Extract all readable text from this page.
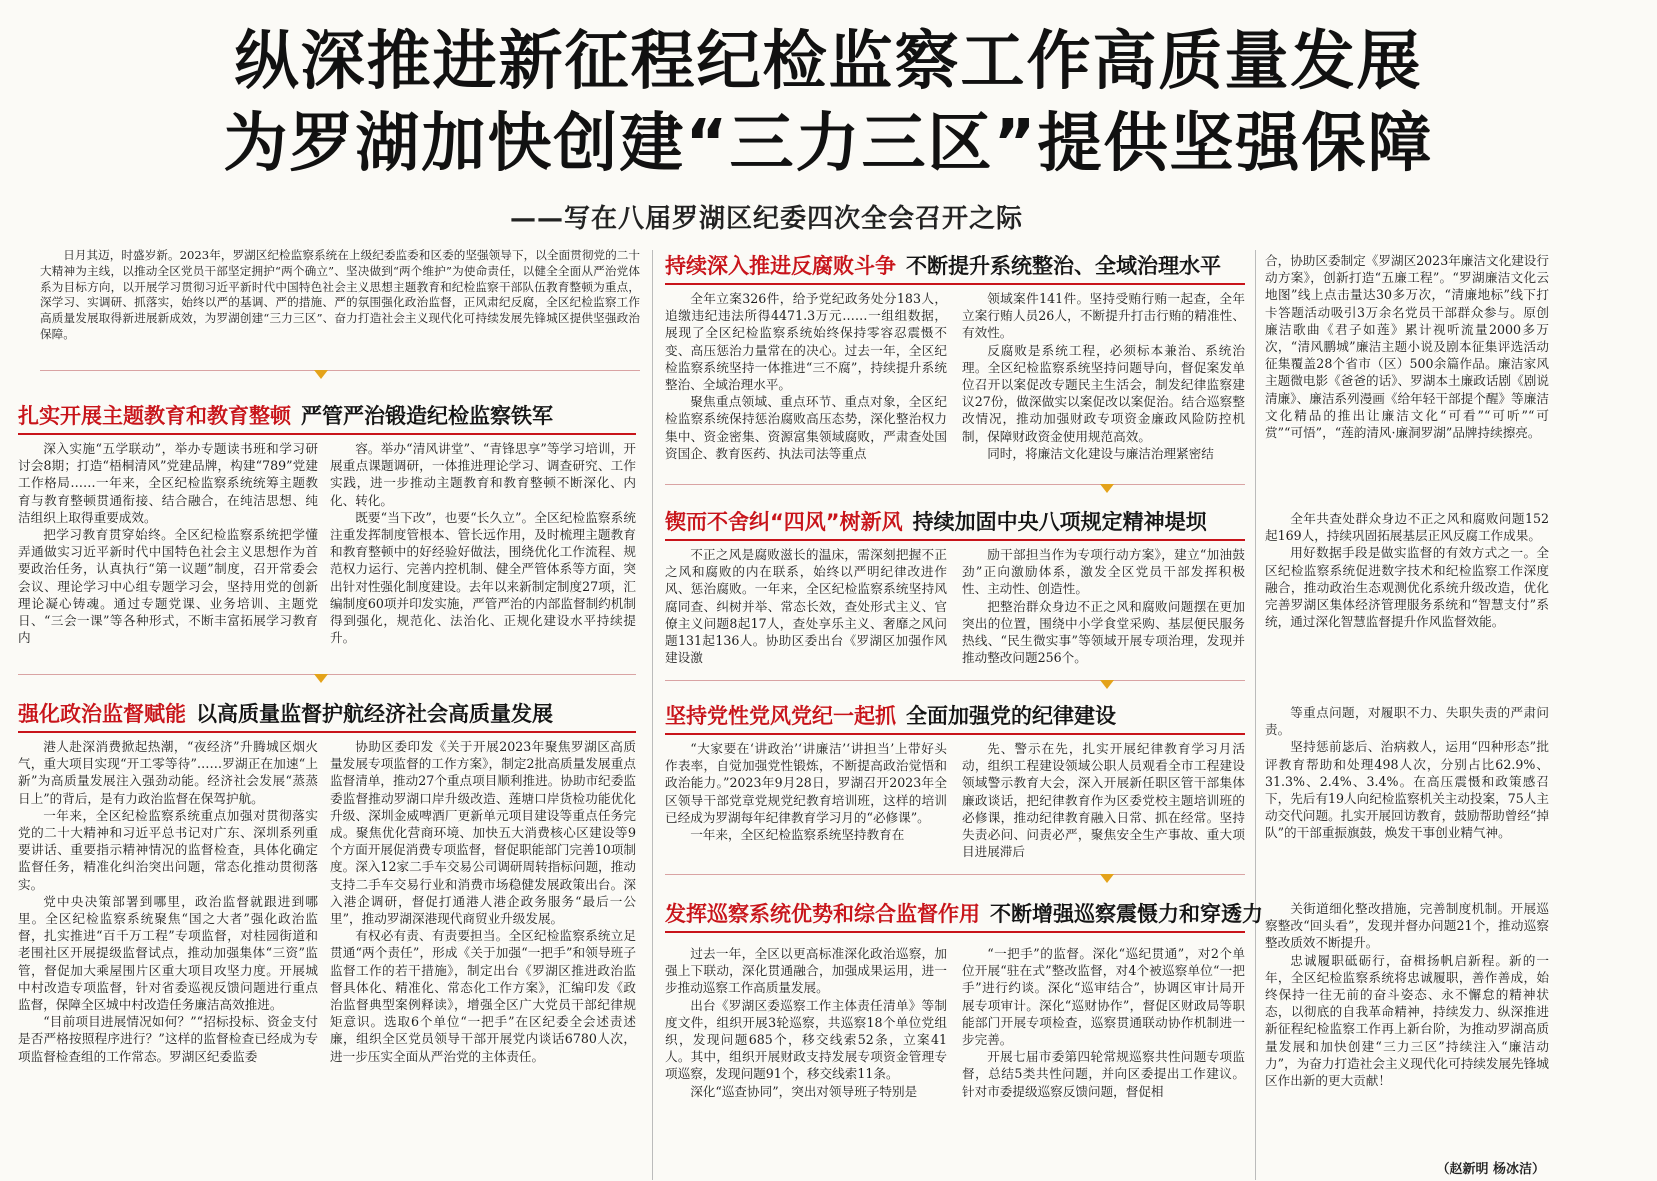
纵深推进新征程纪检监察工作高质量发展
为罗湖加快创建“三力三区”提供坚强保障
——写在八届罗湖区纪委四次全会召开之际

日月其迈，时盛岁新。2023年，罗湖区纪检监察系统在上级纪委监委和区委的坚强领导下，以全面贯彻党的二十大精神为主线，以推动全区党员干部坚定拥护“两个确立”、坚决做到“两个维护”为使命责任，以健全全面从严治党体系为目标方向，以开展学习贯彻习近平新时代中国特色社会主义思想主题教育和纪检监察干部队伍教育整顿为重点，深学习、实调研、抓落实，始终以严的基调、严的措施、严的氛围强化政治监督，正风肃纪反腐，全区纪检监察工作高质量发展取得新进展新成效，为罗湖创建“三力三区”、奋力打造社会主义现代化可持续发展先锋城区提供坚强政治保障。

扎实开展主题教育和教育整顿 严管严治锻造纪检监察铁军

深入实施“五学联动”，举办专题读书班和学习研讨会8期；打造“梧桐清风”党建品牌，构建“789”党建工作格局……一年来，全区纪检监察系统统筹主题教育与教育整顿贯通衔接、结合融合，在纯洁思想、纯洁组织上取得重要成效。
把学习教育贯穿始终。全区纪检监察系统把学懂弄通做实习近平新时代中国特色社会主义思想作为首要政治任务，认真执行“第一议题”制度，召开常委会会议、理论学习中心组专题学习会，坚持用党的创新理论凝心铸魂。通过专题党课、业务培训、主题党日、“三会一课”等各种形式，不断丰富拓展学习教育内

容。举办“清风讲堂”、“青锋思享”等学习培训，开展重点课题调研，一体推进理论学习、调查研究、工作实践，进一步推动主题教育和教育整顿不断深化、内化、转化。
既要“当下改”，也要“长久立”。全区纪检监察系统注重发挥制度管根本、管长远作用，及时梳理主题教育和教育整顿中的好经验好做法，围绕优化工作流程、规范权力运行、完善内控机制、健全严管体系等方面，突出针对性强化制度建设。去年以来新制定制度27项，汇编制度60项并印发实施，严管严治的内部监督制约机制得到强化，规范化、法治化、正规化建设水平持续提升。

强化政治监督赋能 以高质量监督护航经济社会高质量发展

港人赴深消费掀起热潮，“夜经济”升腾城区烟火气，重大项目实现“开工零等待”……罗湖正在加速“上新”为高质量发展注入强劲动能。经济社会发展“蒸蒸日上”的背后，是有力政治监督在保驾护航。
一年来，全区纪检监察系统重点加强对贯彻落实党的二十大精神和习近平总书记对广东、深圳系列重要讲话、重要指示精神情况的监督检查，具体化确定监督任务，精准化纠治突出问题，常态化推动贯彻落实。
党中央决策部署到哪里，政治监督就跟进到哪里。全区纪检监察系统聚焦“国之大者”强化政治监督，扎实推进“百千万工程”专项监督，对桂园街道和老围社区开展提级监督试点，推动加强集体“三资”监管，督促加大乘屋围片区重大项目攻坚力度。开展城中村改造专项监督，针对省委巡视反馈问题进行重点监督，保障全区城中村改造任务廉洁高效推进。
“目前项目进展情况如何？”“招标投标、资金支付是否严格按照程序进行？”这样的监督检查已经成为专项监督检查组的工作常态。罗湖区纪委监委

协助区委印发《关于开展2023年聚焦罗湖区高质量发展专项监督的工作方案》，制定2批高质量发展重点监督清单，推动27个重点项目顺利推进。协助市纪委监委监督推动罗湖口岸升级改造、莲塘口岸货检功能优化升级、深圳金威啤酒厂更新单元项目建设等重点任务完成。聚焦优化营商环境、加快五大消费核心区建设等9个方面开展促消费专项监督，督促职能部门完善10项制度。深入12家二手车交易公司调研周转指标问题，推动支持二手车交易行业和消费市场稳健发展政策出台。深入港企调研，督促打通港人港企政务服务“最后一公里”，推动罗湖深港现代商贸业升级发展。
有权必有责、有责要担当。全区纪检监察系统立足贯通“两个责任”，形成《关于加强“一把手”和领导班子监督工作的若干措施》，制定出台《罗湖区推进政治监督具体化、精准化、常态化工作方案》，汇编印发《政治监督典型案例释读》，增强全区广大党员干部纪律规矩意识。选取6个单位“一把手”在区纪委全会述责述廉，组织全区党员领导干部开展党内谈话6780人次，进一步压实全面从严治党的主体责任。

持续深入推进反腐败斗争 不断提升系统整治、全域治理水平

全年立案326件，给予党纪政务处分183人，追缴违纪违法所得4471.3万元……一组组数据，展现了全区纪检监察系统始终保持零容忍震慑不变、高压惩治力量常在的决心。过去一年，全区纪检监察系统坚持一体推进“三不腐”，持续提升系统整治、全域治理水平。
聚焦重点领域、重点环节、重点对象，全区纪检监察系统保持惩治腐败高压态势，深化整治权力集中、资金密集、资源富集领域腐败，严肃查处国资国企、教育医药、执法司法等重点

领域案件141件。坚持受贿行贿一起查，全年立案行贿人员26人，不断提升打击行贿的精准性、有效性。
反腐败是系统工程，必须标本兼治、系统治理。全区纪检监察系统坚持问题导向，督促案发单位召开以案促改专题民主生活会，制发纪律监察建议27份，做深做实以案促改以案促治。结合巡察整改情况，推动加强财政专项资金廉政风险防控机制，保障财政资金使用规范高效。
同时，将廉洁文化建设与廉洁治理紧密结

锲而不舍纠“四风”树新风 持续加固中央八项规定精神堤坝

不正之风是腐败滋长的温床，需深刻把握不正之风和腐败的内在联系，始终以严明纪律改进作风、惩治腐败。一年来，全区纪检监察系统坚持风腐同查、纠树并举、常态长效，查处形式主义、官僚主义问题8起17人，查处享乐主义、奢靡之风问题131起136人。协助区委出台《罗湖区加强作风建设激

励干部担当作为专项行动方案》，建立“加油鼓劲”正向激励体系，激发全区党员干部发挥积极性、主动性、创造性。
把整治群众身边不正之风和腐败问题摆在更加突出的位置，围绕中小学食堂采购、基层便民服务热线、“民生微实事”等领域开展专项治理，发现并推动整改问题256个。

坚持党性党风党纪一起抓 全面加强党的纪律建设

“大家要在‘讲政治’‘讲廉洁’‘讲担当’上带好头作表率，自觉加强党性锻炼，不断提高政治觉悟和政治能力。”2023年9月28日，罗湖召开2023年全区领导干部党章党规党纪教育培训班，这样的培训已经成为罗湖每年纪律教育学习月的“必修课”。
一年来，全区纪检监察系统坚持教育在

先、警示在先，扎实开展纪律教育学习月活动，组织工程建设领域公职人员观看全市工程建设领域警示教育大会，深入开展新任职区管干部集体廉政谈话，把纪律教育作为区委党校主题培训班的必修课，推动纪律教育融入日常、抓在经常。坚持失责必问、问责必严，聚焦安全生产事故、重大项目进展滞后

发挥巡察系统优势和综合监督作用 不断增强巡察震慑力和穿透力

过去一年，全区以更高标准深化政治巡察，加强上下联动，深化贯通融合，加强成果运用，进一步推动巡察工作高质量发展。
出台《罗湖区委巡察工作主体责任清单》等制度文件，组织开展3轮巡察，共巡察18个单位党组织，发现问题685个，移交线索52条，立案41人。其中，组织开展财政支持发展专项资金管理专项巡察，发现问题91个，移交线索11条。
深化“巡查协同”，突出对领导班子特别是

“一把手”的监督。深化“巡纪贯通”，对2个单位开展“驻在式”整改监督，对4个被巡察单位“一把手”进行约谈。深化“巡审结合”，协调区审计局开展专项审计。深化“巡财协作”，督促区财政局等职能部门开展专项检查，巡察贯通联动协作机制进一步完善。
开展七届市委第四轮常规巡察共性问题专项监督，总结5类共性问题，并向区委提出工作建议。针对市委提级巡察反馈问题，督促相

合，协助区委制定《罗湖区2023年廉洁文化建设行动方案》，创新打造“五廉工程”。“罗湖廉洁文化云地图”线上点击量达30多万次，“清廉地标”线下打卡答题活动吸引3万余名党员干部群众参与。原创廉洁歌曲《君子如莲》累计视听流量2000多万次，“清风鹏城”廉洁主题小说及剧本征集评选活动征集覆盖28个省市（区）500余篇作品。廉洁家风主题微电影《爸爸的话》、罗湖本土廉政话剧《剧说清廉》、廉洁系列漫画《给年轻干部提个醒》等廉洁文化精品的推出让廉洁文化“可看”“可听”“可赏”“可悟”，“莲韵清风·廉洞罗湖”品牌持续擦亮。

全年共查处群众身边不正之风和腐败问题152起169人，持续巩固拓展基层正风反腐工作成果。
用好数据手段是做实监督的有效方式之一。全区纪检监察系统促进数字技术和纪检监察工作深度融合，推动政治生态观测优化系统升级改造，优化完善罗湖区集体经济管理服务系统和“智慧支付”系统，通过深化智慧监督提升作风监督效能。

等重点问题，对履职不力、失职失责的严肃问责。
坚持惩前毖后、治病救人，运用“四种形态”批评教育帮助和处理498人次，分别占比62.9%、31.3%、2.4%、3.4%。在高压震慑和政策感召下，先后有19人向纪检监察机关主动投案，75人主动交代问题。扎实开展回访教育，鼓励帮助曾经“掉队”的干部重振旗鼓，焕发干事创业精气神。

关街道细化整改措施，完善制度机制。开展巡察整改“回头看”，发现并督办问题21个，推动巡察整改质效不断提升。
忠诚履职砥砺行，奋楫扬帆启新程。新的一年，全区纪检监察系统将忠诚履职，善作善成，始终保持一往无前的奋斗姿态、永不懈怠的精神状态，以彻底的自我革命精神，持续发力、纵深推进新征程纪检监察工作再上新台阶，为推动罗湖高质量发展和加快创建“三力三区”持续注入“廉洁动力”，为奋力打造社会主义现代化可持续发展先锋城区作出新的更大贡献！

（赵新明 杨冰洁）
